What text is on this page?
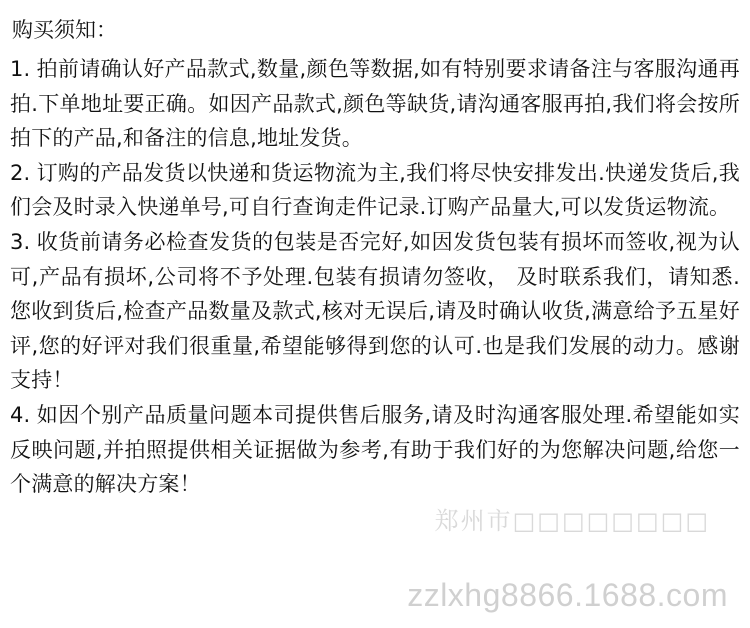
购买须知：
1. 拍前请确认好产品款式,数量,颜色等数据,如有特别要求请备注与客服沟通再拍.下单地址要正确。如因产品款式,颜色等缺货,请沟通客服再拍,我们将会按所拍下的产品,和备注的信息,地址发货。
2. 订购的产品发货以快递和货运物流为主,我们将尽快安排发出.快递发货后,我们会及时录入快递单号,可自行查询走件记录.订购产品量大,可以发货运物流。
3. 收货前请务必检查发货的包装是否完好,如因发货包装有损坏而签收,视为认可,产品有损坏,公司将不予处理.包装有损请勿签收， 及时联系我们，请知悉.您收到货后,检查产品数量及款式,核对无误后,请及时确认收货,满意给予五星好评,您的好评对我们很重量,希望能够得到您的认可.也是我们发展的动力。感谢支持！
4. 如因个别产品质量问题本司提供售后服务,请及时沟通客服处理.希望能如实反映问题,并拍照提供相关证据做为参考,有助于我们好的为您解决问题,给您一个满意的解决方案！
郑州市□□□□□□□□
zzlxhg8866.1688.com
